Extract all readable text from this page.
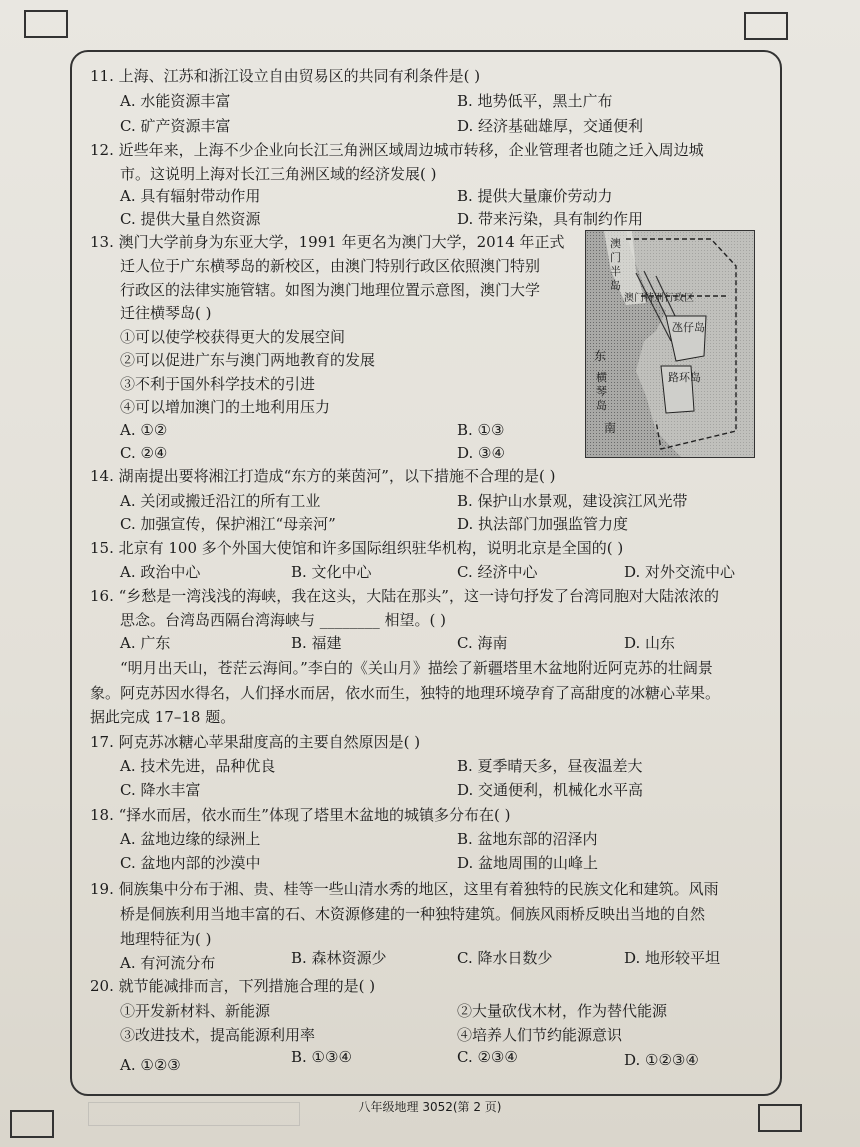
11. 上海、江苏和浙江设立自由贸易区的共同有利条件是( )
A. 水能资源丰富	B. 地势低平，黑土广布
C. 矿产资源丰富	D. 经济基础雄厚，交通便利
12. 近些年来，上海不少企业向长江三角洲区域周边城市转移，企业管理者也随之迁入周边城
市。这说明上海对长江三角洲区域的经济发展( )
A. 具有辐射带动作用	B. 提供大量廉价劳动力
C. 提供大量自然资源	D. 带来污染，具有制约作用
13. 澳门大学前身为东亚大学，1991 年更名为澳门大学，2014 年正式
迁人位于广东横琴岛的新校区，由澳门特别行政区依照澳门特别
行政区的法律实施管辖。如图为澳门地理位置示意图，澳门大学
迁往横琴岛( )
①可以使学校获得更大的发展空间
②可以促进广东与澳门两地教育的发展
③不利于国外科学技术的引进
④可以增加澳门的土地利用压力
A. ①②	B. ①③
C. ②④	D. ③④
澳门半岛
澳门特别行政区
氹仔岛
东
路环岛
横琴岛
南
14. 湖南提出要将湘江打造成“东方的莱茵河”，以下措施不合理的是( )
A. 关闭或搬迁沿江的所有工业	B. 保护山水景观，建设滨江风光带
C. 加强宣传，保护湘江“母亲河”	D. 执法部门加强监管力度
15. 北京有 100 多个外国大使馆和许多国际组织驻华机构，说明北京是全国的( )
A. 政治中心	B. 文化中心	C. 经济中心	D. 对外交流中心
16. “乡愁是一湾浅浅的海峡，我在这头，大陆在那头”，这一诗句抒发了台湾同胞对大陆浓浓的
思念。台湾岛西隔台湾海峡与 ________ 相望。( )
A. 广东	B. 福建	C. 海南	D. 山东
“明月出天山，苍茫云海间。”李白的《关山月》描绘了新疆塔里木盆地附近阿克苏的壮阔景
象。阿克苏因水得名，人们择水而居，依水而生，独特的地理环境孕育了高甜度的冰糖心苹果。
据此完成 17–18 题。
17. 阿克苏冰糖心苹果甜度高的主要自然原因是( )
A. 技术先进，品种优良	B. 夏季晴天多，昼夜温差大
C. 降水丰富	D. 交通便利，机械化水平高
18. “择水而居，依水而生”体现了塔里木盆地的城镇多分布在( )
A. 盆地边缘的绿洲上	B. 盆地东部的沼泽内
C. 盆地内部的沙漠中	D. 盆地周围的山峰上
19. 侗族集中分布于湘、贵、桂等一些山清水秀的地区，这里有着独特的民族文化和建筑。风雨
桥是侗族利用当地丰富的石、木资源修建的一种独特建筑。侗族风雨桥反映出当地的自然
地理特征为( )
A. 有河流分布	B. 森林资源少	C. 降水日数少	D. 地形较平坦
20. 就节能减排而言，下列措施合理的是( )
①开发新材料、新能源	②大量砍伐木材，作为替代能源
③改进技术，提高能源利用率	④培养人们节约能源意识
A. ①②③	B. ①③④	C. ②③④	D. ①②③④
八年级地理 3052(第 2 页)
